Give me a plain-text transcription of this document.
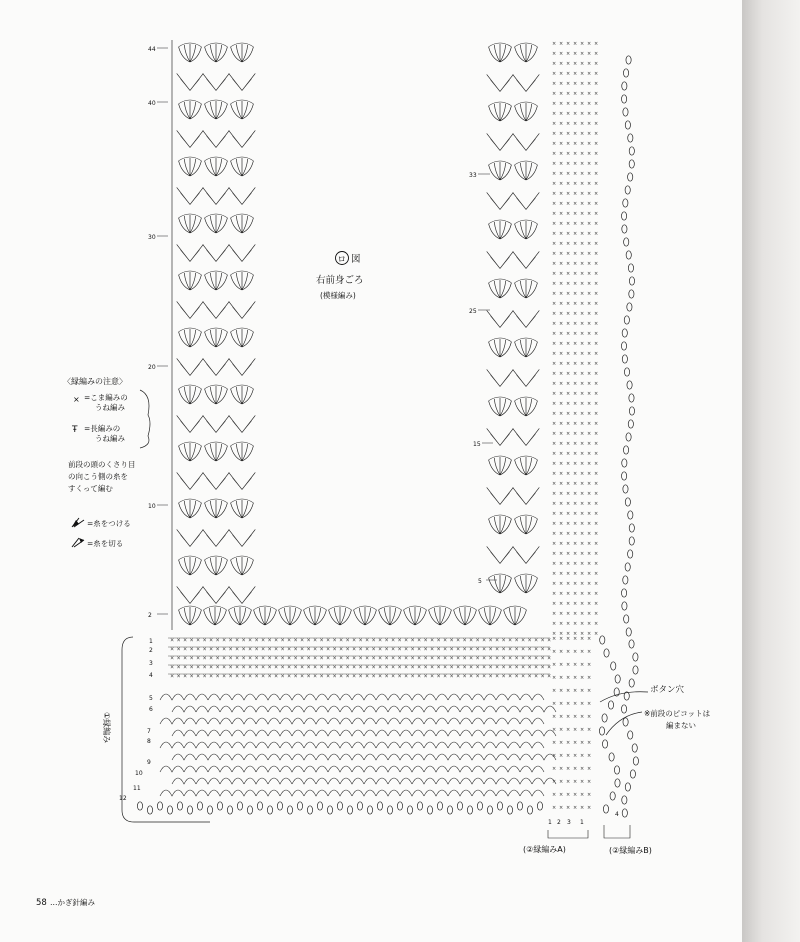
× × × × × × × × × × × × × × × × × × × × × × × × × × × × × × × × × × × × × × × × × × × × × × × × × × × × × × × × × × ×
× × × × × × × × × × × × × × × × × × × × × × × × × × × × × × × × × × × × × × × × × × × × × × × × × × × × × × × × × × ×
× × × × × × × × × × × × × × × × × × × × × × × × × × × × × × × × × × × × × × × × × × × × × × × × × × × × × × × × × × ×
× × × × × × × × × × × × × × × × × × × × × × × × × × × × × × × × × × × × × × × × × × × × × × × × × × × × × × × × × × ×
× × × × × × × × × × × × × × × × × × × × × × × × × × × × × × × × × × × × × × × × × × × × × × × × × × × × × × × × × × ×
× × × × × × ×
× × × × × × ×
× × × × × × ×
× × × × × × ×
× × × × × × ×
× × × × × × ×
× × × × × × ×
× × × × × × ×
× × × × × × ×
× × × × × × ×
× × × × × × ×
× × × × × × ×
× × × × × × ×
× × × × × × ×
× × × × × × ×
× × × × × × ×
× × × × × × ×
× × × × × × ×
× × × × × × ×
× × × × × × ×
× × × × × × ×
× × × × × × ×
× × × × × × ×
× × × × × × ×
× × × × × × ×
× × × × × × ×
× × × × × × ×
× × × × × × ×
× × × × × × ×
× × × × × × ×
× × × × × × ×
× × × × × × ×
× × × × × × ×
× × × × × × ×
× × × × × × ×
× × × × × × ×
× × × × × × ×
× × × × × × ×
× × × × × × ×
× × × × × × ×
× × × × × × ×
× × × × × × ×
× × × × × × ×
× × × × × × ×
× × × × × × ×
× × × × × × ×
× × × × × × ×
× × × × × × ×
× × × × × × ×
× × × × × × ×
× × × × × × ×
× × × × × × ×
× × × × × × ×
× × × × × × ×
× × × × × × ×
× × × × × × ×
× × × × × × ×
× × × × × × ×
× × × × × × ×
× × × × × × ×
× × × × × ×
× × × × × ×
× × × × × ×
× × × × × ×
× × × × × ×
× × × × × ×
× × × × × ×
× × × × × ×
× × × × × ×
× × × × × ×
× × × × × ×
× × × × × ×
× × × × × ×
× × × × × ×
ロ 図
右前身ごろ
(模様編み)
〈縁編みの注意〉
× =こま編みの
うね編み
Ŧ =長編みの
うね編み
前段の頭のくさり目
の向こう側の糸を
すくって編む
=糸をつける
=糸を切る
44
40
30
20
10
2
1
2
3
4
5
6
7
8
9
10
11
12
①縁編み
33
25
15
5
ボタン穴
※前段のピコットは
編まない
1 2 3 1
4
(②縁編みA)	(②縁編みB)
58 …かぎ針編み
